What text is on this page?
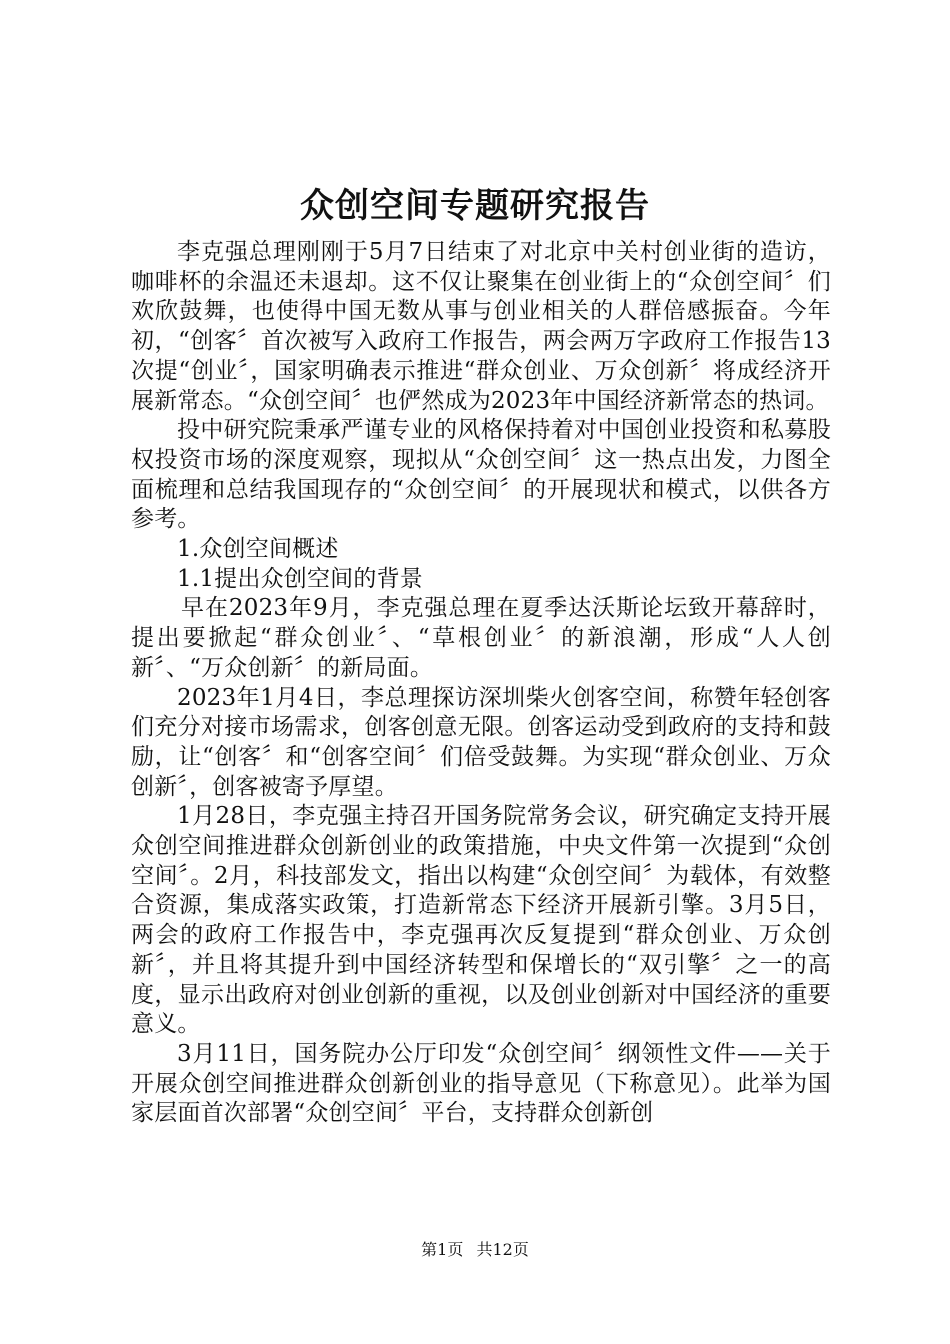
众创空间专题研究报告

李克强总理刚刚于5月7日结束了对北京中关村创业街的造访，咖啡杯的余温还未退却。这不仅让聚集在创业街上的“众创空间〞们欢欣鼓舞，也使得中国无数从事与创业相关的人群倍感振奋。今年初，“创客〞首次被写入政府工作报告，两会两万字政府工作报告13次提“创业〞，国家明确表示推进“群众创业、万众创新〞将成经济开展新常态。“众创空间〞也俨然成为2023年中国经济新常态的热词。

投中研究院秉承严谨专业的风格保持着对中国创业投资和私募股权投资市场的深度观察，现拟从“众创空间〞这一热点出发，力图全面梳理和总结我国现存的“众创空间〞的开展现状和模式，以供各方参考。

1.众创空间概述

1.1提出众创空间的背景

早在2023年9月，李克强总理在夏季达沃斯论坛致开幕辞时，提出要掀起“群众创业〞、“草根创业〞的新浪潮，形成“人人创新〞、“万众创新〞的新局面。

2023年1月4日，李总理探访深圳柴火创客空间，称赞年轻创客们充分对接市场需求，创客创意无限。创客运动受到政府的支持和鼓励，让“创客〞和“创客空间〞们倍受鼓舞。为实现“群众创业、万众创新〞，创客被寄予厚望。

1月28日，李克强主持召开国务院常务会议，研究确定支持开展众创空间推进群众创新创业的政策措施，中央文件第一次提到“众创空间〞。2月，科技部发文，指出以构建“众创空间〞为载体，有效整合资源，集成落实政策，打造新常态下经济开展新引擎。3月5日，两会的政府工作报告中，李克强再次反复提到“群众创业、万众创新〞，并且将其提升到中国经济转型和保增长的“双引擎〞之一的高度，显示出政府对创业创新的重视，以及创业创新对中国经济的重要意义。

3月11日，国务院办公厅印发“众创空间〞纲领性文件——关于开展众创空间推进群众创新创业的指导意见（下称意见）。此举为国家层面首次部署“众创空间〞平台，支持群众创新创

第1页 共12页
